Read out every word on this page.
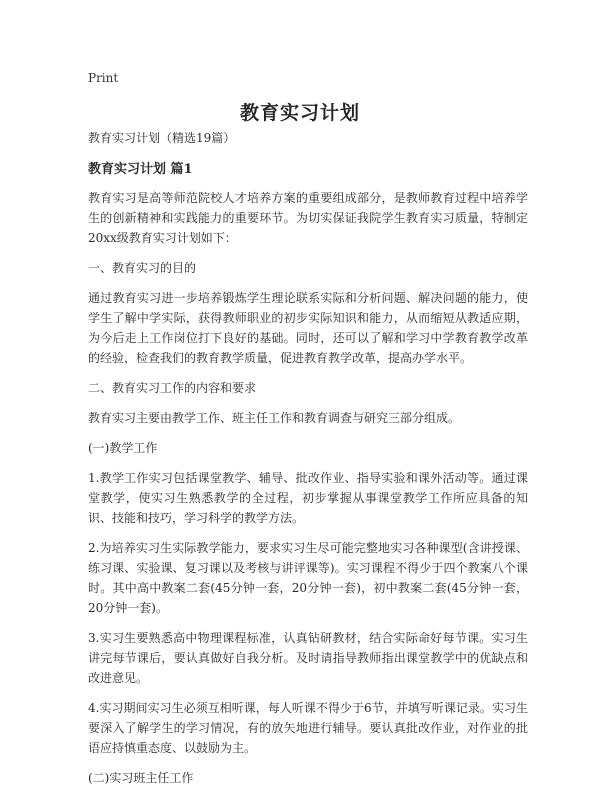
Print
教育实习计划

教育实习计划（精选19篇）

教育实习计划 篇1

教育实习是高等师范院校人才培养方案的重要组成部分，是教师教育过程中培养学生的创新精神和实践能力的重要环节。为切实保证我院学生教育实习质量，特制定20xx级教育实习计划如下：

一、教育实习的目的

通过教育实习进一步培养锻炼学生理论联系实际和分析问题、解决问题的能力，使学生了解中学实际，获得教师职业的初步实际知识和能力，从而缩短从教适应期，为今后走上工作岗位打下良好的基础。同时，还可以了解和学习中学教育教学改革的经验，检查我们的教育教学质量，促进教育教学改革，提高办学水平。

二、教育实习工作的内容和要求

教育实习主要由教学工作、班主任工作和教育调查与研究三部分组成。

(一)教学工作

1.教学工作实习包括课堂教学、辅导、批改作业、指导实验和课外活动等。通过课堂教学，使实习生熟悉教学的全过程，初步掌握从事课堂教学工作所应具备的知识、技能和技巧，学习科学的教学方法。

2.为培养实习生实际教学能力，要求实习生尽可能完整地实习各种课型(含讲授课、练习课、实验课、复习课以及考核与讲评课等)。实习课程不得少于四个教案八个课时。其中高中教案二套(45分钟一套，20分钟一套)，初中教案二套(45分钟一套，20分钟一套)。

3.实习生要熟悉高中物理课程标准，认真钻研教材，结合实际命好每节课。实习生讲完每节课后，要认真做好自我分析。及时请指导教师指出课堂教学中的优缺点和改进意见。

4.实习期间实习生必须互相听课，每人听课不得少于6节，并填写听课记录。实习生要深入了解学生的学习情况，有的放矢地进行辅导。要认真批改作业，对作业的批语应持慎重态度、以鼓励为主。

(二)实习班主任工作
